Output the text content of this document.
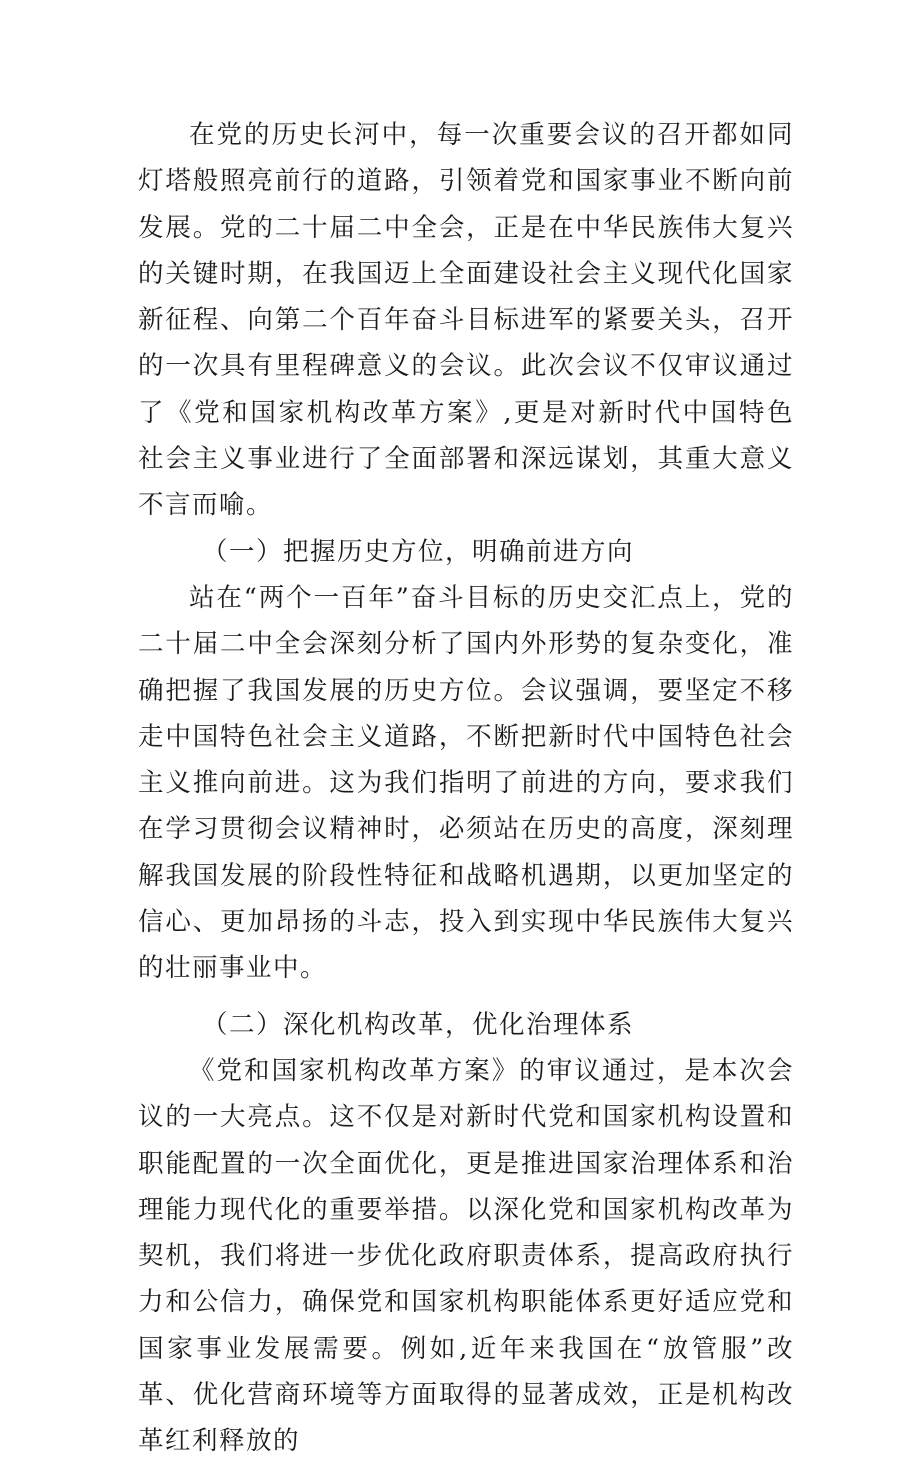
在党的历史长河中，每一次重要会议的召开都如同灯塔般照亮前行的道路，引领着党和国家事业不断向前发展。党的二十届二中全会，正是在中华民族伟大复兴的关键时期，在我国迈上全面建设社会主义现代化国家新征程、向第二个百年奋斗目标进军的紧要关头，召开的一次具有里程碑意义的会议。此次会议不仅审议通过了《党和国家机构改革方案》,更是对新时代中国特色社会主义事业进行了全面部署和深远谋划，其重大意义不言而喻。

（一）把握历史方位，明确前进方向

站在“两个一百年”奋斗目标的历史交汇点上，党的二十届二中全会深刻分析了国内外形势的复杂变化，准确把握了我国发展的历史方位。会议强调，要坚定不移走中国特色社会主义道路，不断把新时代中国特色社会主义推向前进。这为我们指明了前进的方向，要求我们在学习贯彻会议精神时，必须站在历史的高度，深刻理解我国发展的阶段性特征和战略机遇期，以更加坚定的信心、更加昂扬的斗志，投入到实现中华民族伟大复兴的壮丽事业中。

（二）深化机构改革，优化治理体系

《党和国家机构改革方案》的审议通过，是本次会议的一大亮点。这不仅是对新时代党和国家机构设置和职能配置的一次全面优化，更是推进国家治理体系和治理能力现代化的重要举措。以深化党和国家机构改革为契机，我们将进一步优化政府职责体系，提高政府执行力和公信力，确保党和国家机构职能体系更好适应党和国家事业发展需要。例如,近年来我国在“放管服”改革、优化营商环境等方面取得的显著成效，正是机构改革红利释放的
